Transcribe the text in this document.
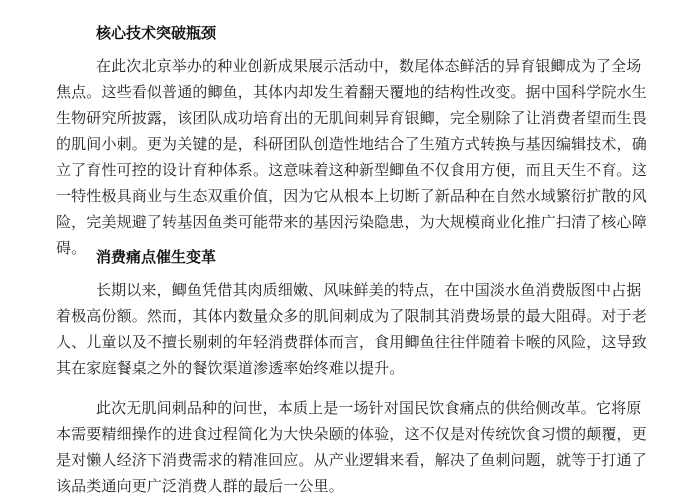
核心技术突破瓶颈

在此次北京举办的种业创新成果展示活动中，数尾体态鲜活的异育银鲫成为了全场焦点。这些看似普通的鲫鱼，其体内却发生着翻天覆地的结构性改变。据中国科学院水生生物研究所披露，该团队成功培育出的无肌间刺异育银鲫，完全剔除了让消费者望而生畏的肌间小刺。更为关键的是，科研团队创造性地结合了生殖方式转换与基因编辑技术，确立了育性可控的设计育种体系。这意味着这种新型鲫鱼不仅食用方便，而且天生不育。这一特性极具商业与生态双重价值，因为它从根本上切断了新品种在自然水域繁衍扩散的风险，完美规避了转基因鱼类可能带来的基因污染隐患，为大规模商业化推广扫清了核心障碍。 消费痛点催生变革

长期以来，鲫鱼凭借其肉质细嫩、风味鲜美的特点，在中国淡水鱼消费版图中占据着极高份额。然而，其体内数量众多的肌间刺成为了限制其消费场景的最大阻碍。对于老人、儿童以及不擅长剔刺的年轻消费群体而言，食用鲫鱼往往伴随着卡喉的风险，这导致其在家庭餐桌之外的餐饮渠道渗透率始终难以提升。

此次无肌间刺品种的问世，本质上是一场针对国民饮食痛点的供给侧改革。它将原本需要精细操作的进食过程简化为大快朵颐的体验，这不仅是对传统饮食习惯的颠覆，更是对懒人经济下消费需求的精准回应。从产业逻辑来看，解决了鱼刺问题，就等于打通了该品类通向更广泛消费人群的最后一公里。
